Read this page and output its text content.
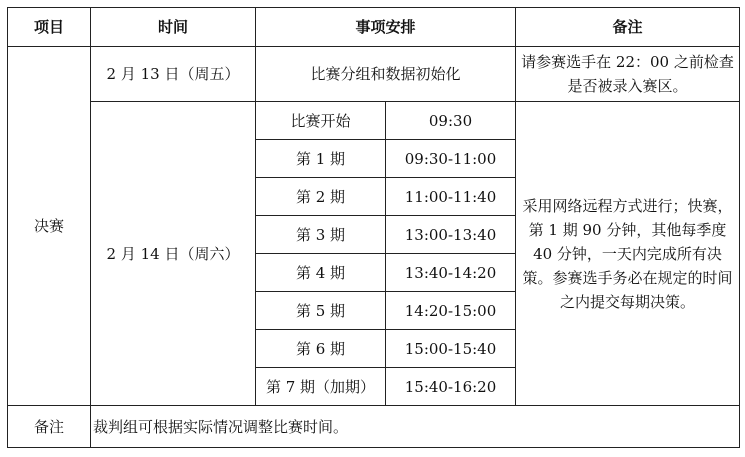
项目	时间	事项安排		备注
决赛	2 月 13 日（周五）	比赛分组和数据初始化		请参赛选手在 22：00 之前检查是否被录入赛区。
	2 月 14 日（周六）	比赛开始	09:30	采用网络远程方式进行；快赛，第 1 期 90 分钟，其他每季度 40 分钟，一天内完成所有决策。参赛选手务必在规定的时间之内提交每期决策。
		第 1 期	09:30-11:00	
		第 2 期	11:00-11:40	
		第 3 期	13:00-13:40	
		第 4 期	13:40-14:20	
		第 5 期	14:20-15:00	
		第 6 期	15:00-15:40	
		第 7 期（加期）	15:40-16:20	
备注	裁判组可根据实际情况调整比赛时间。			
